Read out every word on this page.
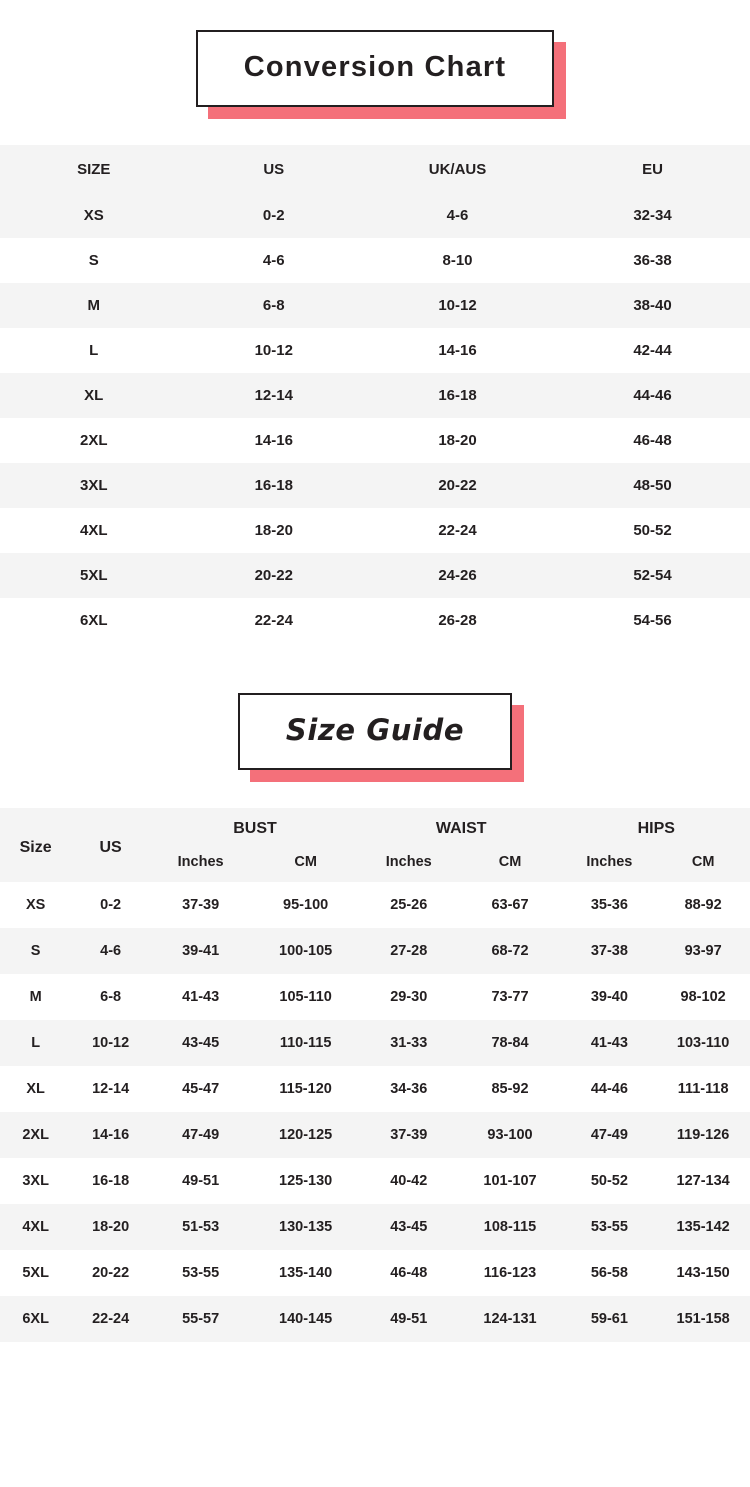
Conversion Chart
SIZE	US	UK/AUS	EU
XS	0-2	4-6	32-34
S	4-6	8-10	36-38
M	6-8	10-12	38-40
L	10-12	14-16	42-44
XL	12-14	16-18	44-46
2XL	14-16	18-20	46-48
3XL	16-18	20-22	48-50
4XL	18-20	22-24	50-52
5XL	20-22	24-26	52-54
6XL	22-24	26-28	54-56
Size Guide
Size	US	BUST		WAIST		HIPS	
		Inches	CM	Inches	CM	Inches	CM
XS	0-2	37-39	95-100	25-26	63-67	35-36	88-92
S	4-6	39-41	100-105	27-28	68-72	37-38	93-97
M	6-8	41-43	105-110	29-30	73-77	39-40	98-102
L	10-12	43-45	110-115	31-33	78-84	41-43	103-110
XL	12-14	45-47	115-120	34-36	85-92	44-46	111-118
2XL	14-16	47-49	120-125	37-39	93-100	47-49	119-126
3XL	16-18	49-51	125-130	40-42	101-107	50-52	127-134
4XL	18-20	51-53	130-135	43-45	108-115	53-55	135-142
5XL	20-22	53-55	135-140	46-48	116-123	56-58	143-150
6XL	22-24	55-57	140-145	49-51	124-131	59-61	151-158
